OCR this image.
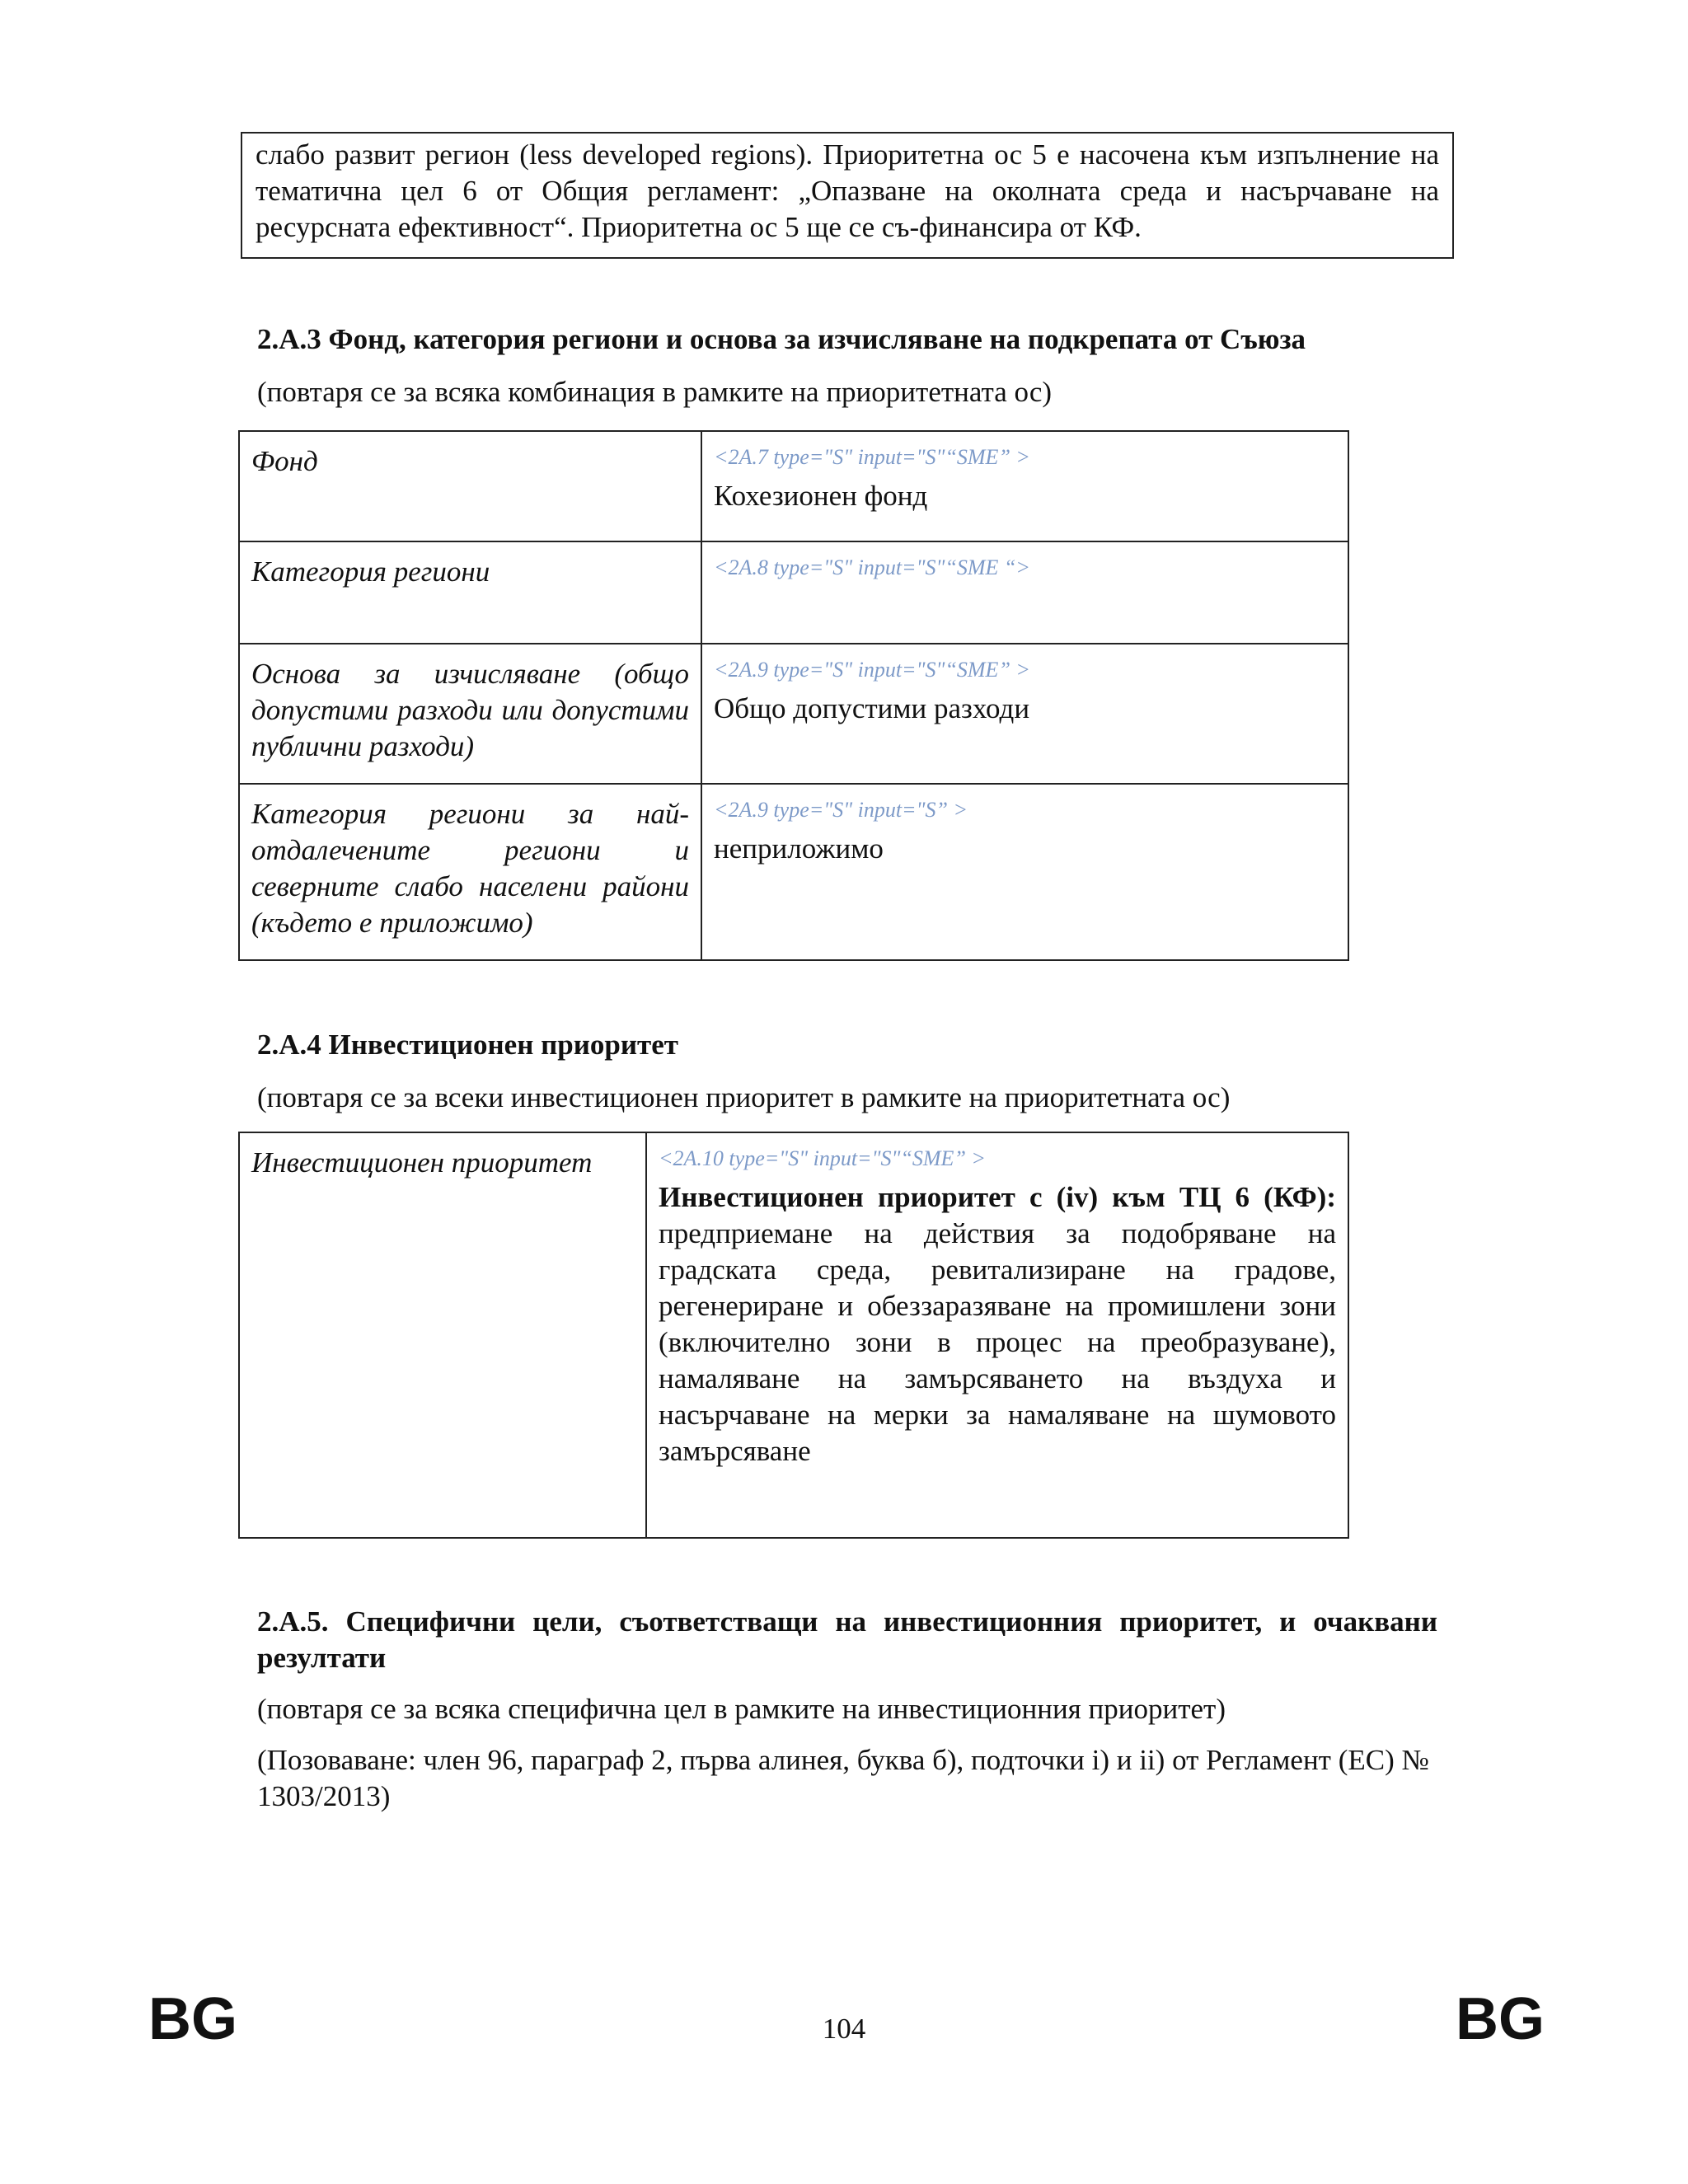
слабо развит регион (less developed regions). Приоритетна ос 5 е насочена към изпълнение на тематична цел 6 от Общия регламент: „Опазване на околната среда и насърчаване на ресурсната ефективност“. Приоритетна ос 5 ще се съ-финансира от КФ.
2.A.3 Фонд, категория региони и основа за изчисляване на подкрепата от Съюза
(повтаря се за всяка комбинация в рамките на приоритетната ос)
Фонд	<2A.7 type="S" input="S"“SME” >
Кохезионен фонд

Категория региони	<2A.8 type="S" input="S"“SME “>

Основа за изчисляване (общо допустими разходи или допустими публични разходи)	<2A.9 type="S" input="S"“SME” >
Общо допустими разходи

Категория региони за най-отдалечените региони и северните слабо населени райони (където е приложимо)	<2A.9 type="S" input="S” >
неприложимо
2.A.4 Инвестиционен приоритет
(повтаря се за всеки инвестиционен приоритет в рамките на приоритетната ос)
Инвестиционен приоритет	<2A.10 type="S" input="S"“SME” >
Инвестиционен приоритет с (iv) към ТЦ 6 (КФ): предприемане на действия за подобряване на градската среда, ревитализиране на градове, регенериране и обеззаразяване на промишлени зони (включително зони в процес на преобразуване), намаляване на замърсяването на въздуха и насърчаване на мерки за намаляване на шумовото замърсяване
2.A.5. Специфични цели, съответстващи на инвестиционния приоритет, и очаквани резултати
(повтаря се за всяка специфична цел в рамките на инвестиционния приоритет)
(Позоваване: член 96, параграф 2, първа алинея, буква б), подточки i) и ii) от Регламент (ЕС) № 1303/2013)
BG	104	BG
